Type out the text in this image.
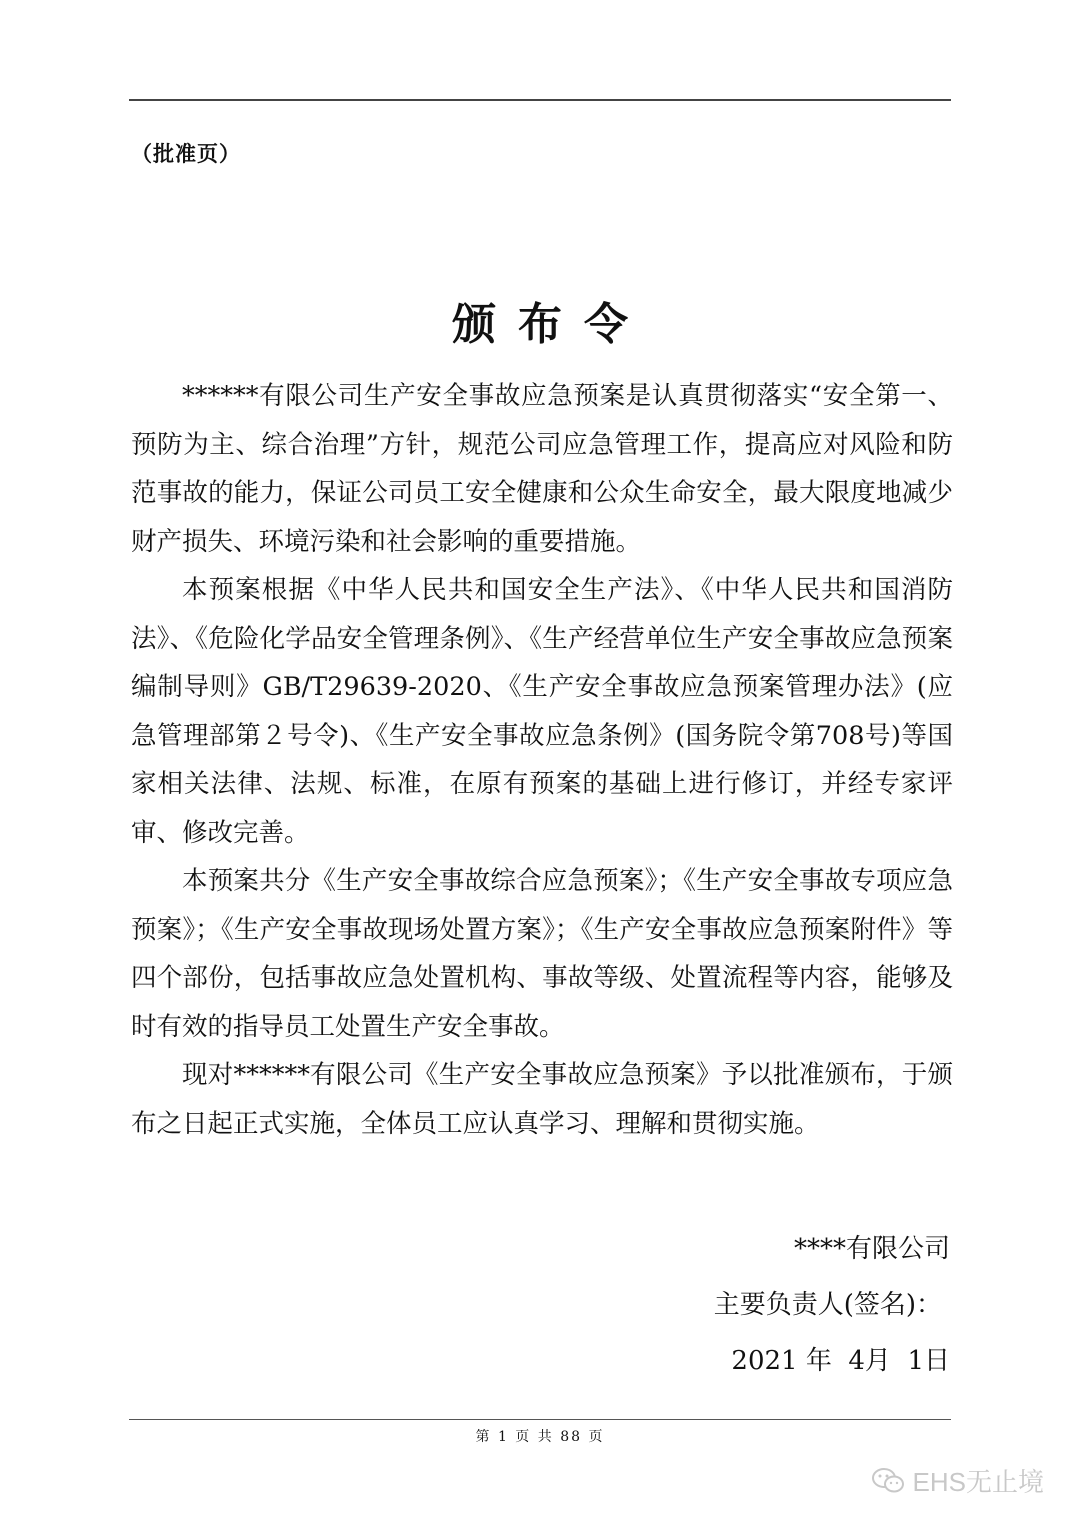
（批准页）
颁布令

******有限公司生产安全事故应急预案是认真贯彻落实“安全第一、预防为主、综合治理”方针，规范公司应急管理工作，提高应对风险和防范事故的能力，保证公司员工安全健康和公众生命安全，最大限度地减少财产损失、环境污染和社会影响的重要措施。

本预案根据《中华人民共和国安全生产法》、《中华人民共和国消防法》、《危险化学品安全管理条例》、《生产经营单位生产安全事故应急预案编制导则》GB/T29639-2020、《生产安全事故应急预案管理办法》(应急管理部第２号令)、《生产安全事故应急条例》(国务院令第708号)等国家相关法律、法规、标准，在原有预案的基础上进行修订，并经专家评审、修改完善。

本预案共分《生产安全事故综合应急预案》；《生产安全事故专项应急预案》；《生产安全事故现场处置方案》；《生产安全事故应急预案附件》等四个部份，包括事故应急处置机构、事故等级、处置流程等内容，能够及时有效的指导员工处置生产安全事故。

现对******有限公司《生产安全事故应急预案》予以批准颁布，于颁布之日起正式实施，全体员工应认真学习、理解和贯彻实施。

****有限公司
主要负责人(签名)：
2021 年  4月  1日
第 1 页 共 88 页
EHS无止境
